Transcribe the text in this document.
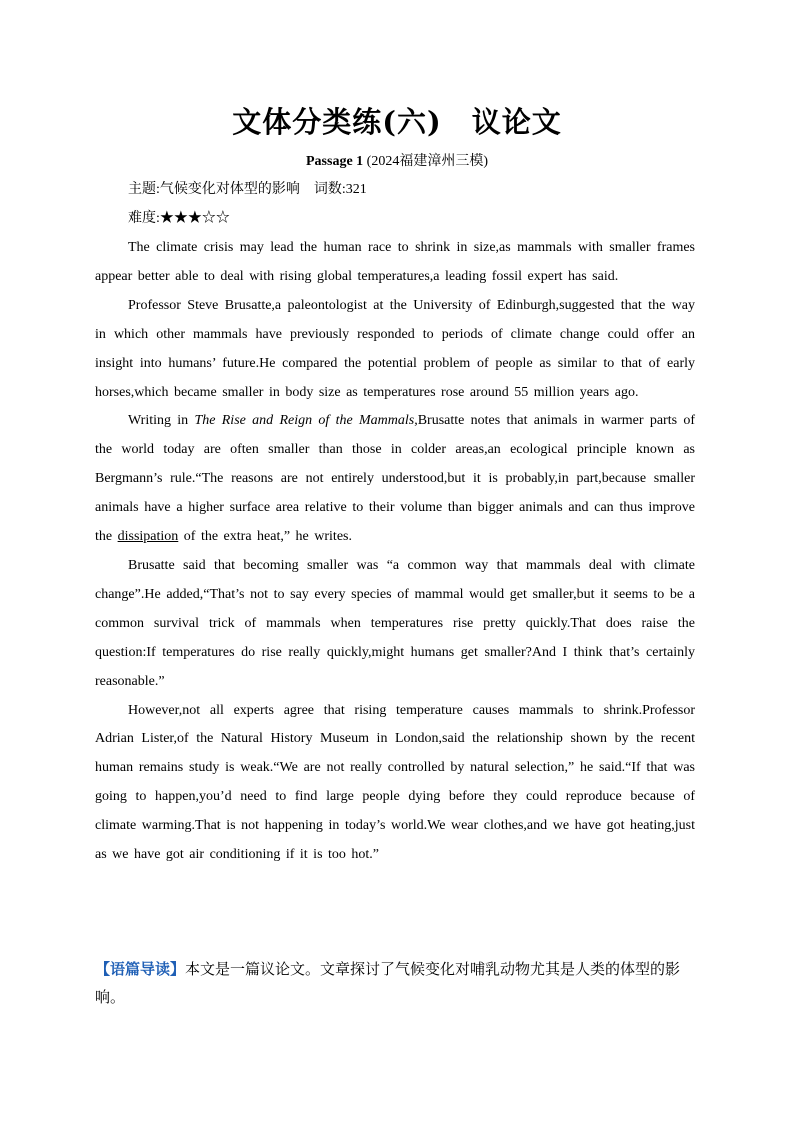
文体分类练(六)　议论文
Passage 1 (2024福建漳州三模)
主题:气候变化对体型的影响　词数:321
难度:★★★☆☆

The climate crisis may lead the human race to shrink in size,as mammals with smaller frames appear better able to deal with rising global temperatures,a leading fossil expert has said.

Professor Steve Brusatte,a paleontologist at the University of Edinburgh,suggested that the way in which other mammals have previously responded to periods of climate change could offer an insight into humans’ future.He compared the potential problem of people as similar to that of early horses,which became smaller in body size as temperatures rose around 55 million years ago.

Writing in The Rise and Reign of the Mammals,Brusatte notes that animals in warmer parts of the world today are often smaller than those in colder areas,an ecological principle known as Bergmann’s rule.“The reasons are not entirely understood,but it is probably,in part,because smaller animals have a higher surface area relative to their volume than bigger animals and can thus improve the dissipation of the extra heat,” he writes.

Brusatte said that becoming smaller was “a common way that mammals deal with climate change”.He added,“That’s not to say every species of mammal would get smaller,but it seems to be a common survival trick of mammals when temperatures rise pretty quickly.That does raise the question:If temperatures do rise really quickly,might humans get smaller?And I think that’s certainly reasonable.”

However,not all experts agree that rising temperature causes mammals to shrink.Professor Adrian Lister,of the Natural History Museum in London,said the relationship shown by the recent human remains study is weak.“We are not really controlled by natural selection,” he said.“If that was going to happen,you’d need to find large people dying before they could reproduce because of climate warming.That is not happening in today’s world.We wear clothes,and we have got heating,just as we have got air conditioning if it is too hot.”

【语篇导读】本文是一篇议论文。文章探讨了气候变化对哺乳动物尤其是人类的体型的影响。
